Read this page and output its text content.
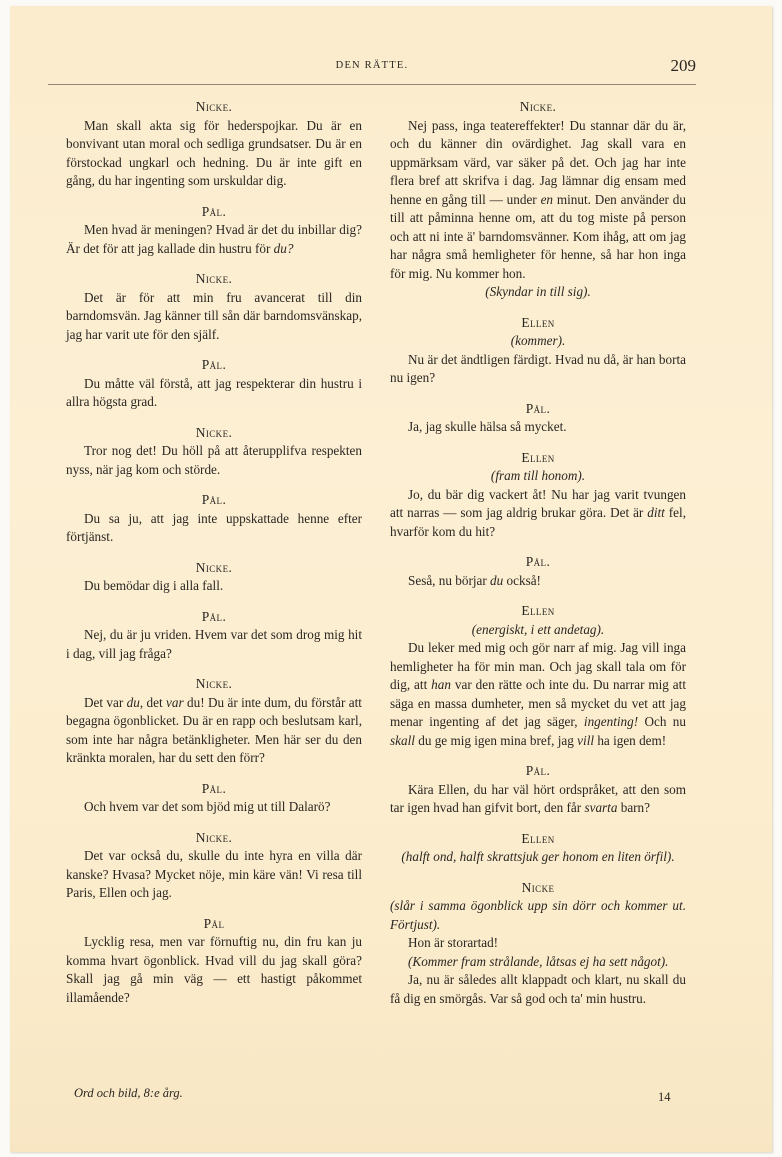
DEN RÄTTE.	209
Nicke.

Man skall akta sig för hederspojkar. Du är en bonvivant utan moral och sedliga grundsatser. Du är en förstockad ungkarl och hedning. Du är inte gift en gång, du har ingenting som urskuldar dig.

Pål.

Men hvad är meningen? Hvad är det du inbillar dig? Är det för att jag kallade din hustru för du?

Nicke.

Det är för att min fru avancerat till din barndomsvän. Jag känner till sån där barndomsvänskap, jag har varit ute för den själf.

Pål.

Du måtte väl förstå, att jag respekterar din hustru i allra högsta grad.

Nicke.

Tror nog det! Du höll på att återupplifva respekten nyss, när jag kom och störde.

Pål.

Du sa ju, att jag inte uppskattade henne efter förtjänst.

Nicke.

Du bemödar dig i alla fall.

Pål.

Nej, du är ju vriden. Hvem var det som drog mig hit i dag, vill jag fråga?

Nicke.

Det var du, det var du! Du är inte dum, du förstår att begagna ögonblicket. Du är en rapp och beslutsam karl, som inte har några betänkligheter. Men här ser du den kränkta moralen, har du sett den förr?

Pål.

Och hvem var det som bjöd mig ut till Dalarö?

Nicke.

Det var också du, skulle du inte hyra en villa där kanske? Hvasa? Mycket nöje, min käre vän! Vi resa till Paris, Ellen och jag.

Pål

Lycklig resa, men var förnuftig nu, din fru kan ju komma hvart ögonblick. Hvad vill du jag skall göra? Skall jag gå min väg — ett hastigt påkommet illamående?

Nicke.

Nej pass, inga teatereffekter! Du stannar där du är, och du känner din ovärdighet. Jag skall vara en uppmärksam värd, var säker på det. Och jag har inte flera bref att skrifva i dag. Jag lämnar dig ensam med henne en gång till — under en minut. Den använder du till att påminna henne om, att du tog miste på person och att ni inte ä' barndomsvänner. Kom ihåg, att om jag har några små hemligheter för henne, så har hon inga för mig. Nu kommer hon.

(Skyndar in till sig).

Ellen
(kommer).

Nu är det ändtligen färdigt. Hvad nu då, är han borta nu igen?

Pål.

Ja, jag skulle hälsa så mycket.

Ellen
(fram till honom).

Jo, du bär dig vackert åt! Nu har jag varit tvungen att narras — som jag aldrig brukar göra. Det är ditt fel, hvarför kom du hit?

Pål.

Seså, nu börjar du också!

Ellen
(energiskt, i ett andetag).

Du leker med mig och gör narr af mig. Jag vill inga hemligheter ha för min man. Och jag skall tala om för dig, att han var den rätte och inte du. Du narrar mig att säga en massa dumheter, men så mycket du vet att jag menar ingenting af det jag säger, ingenting! Och nu skall du ge mig igen mina bref, jag vill ha igen dem!

Pål.

Kära Ellen, du har väl hört ordspråket, att den som tar igen hvad han gifvit bort, den får svarta barn?

Ellen

(halft ond, halft skrattsjuk ger honom en liten örfil).

Nicke

(slår i samma ögonblick upp sin dörr och kommer ut. Förtjust).

Hon är storartad!

(Kommer fram strålande, låtsas ej ha sett något).

Ja, nu är således allt klappadt och klart, nu skall du få dig en smörgås. Var så god och ta' min hustru.

Ord och bild, 8:e årg.	14
